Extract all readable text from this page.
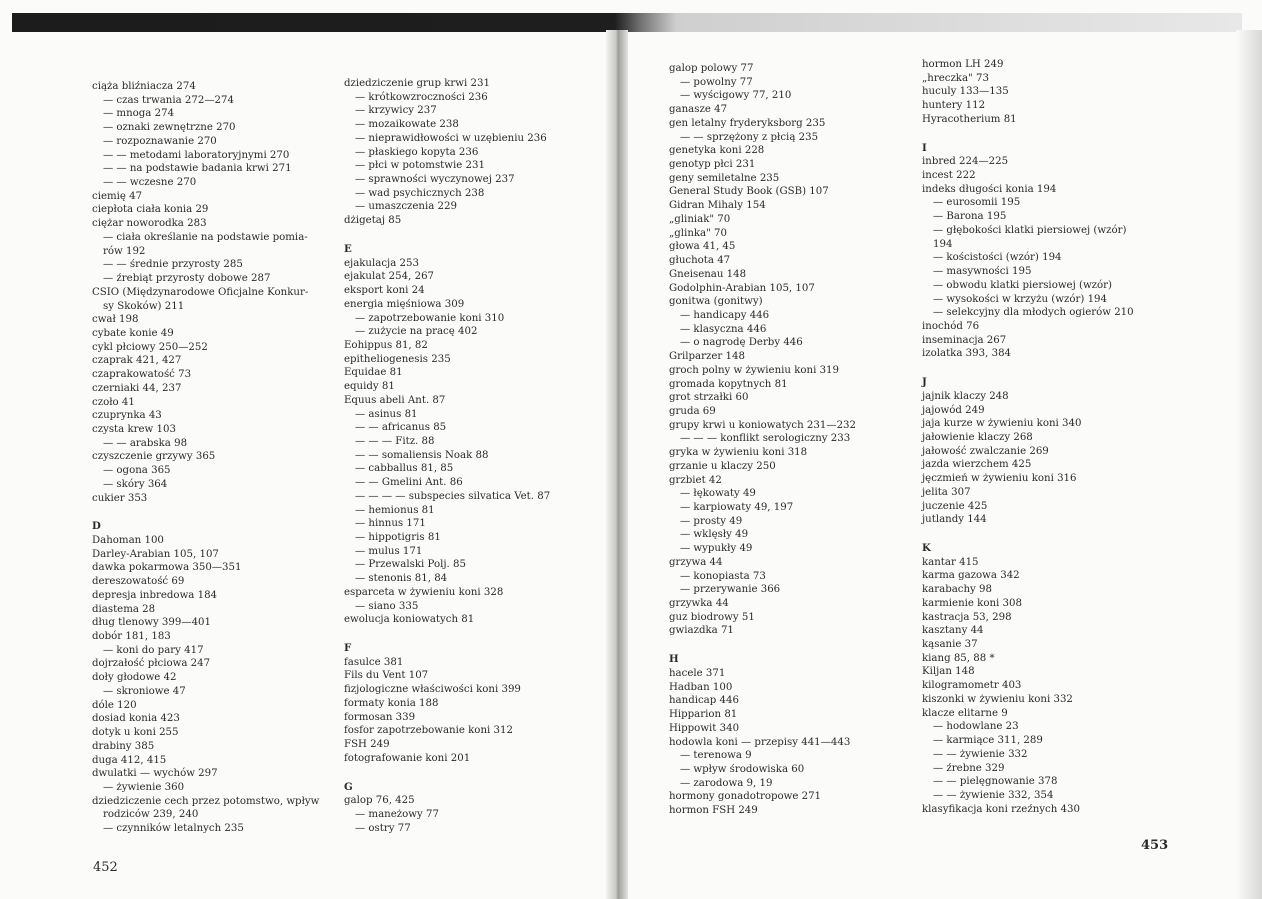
ciąża bliźniacza 274
— czas trwania 272—274
— mnoga 274
— oznaki zewnętrzne 270
— rozpoznawanie 270
— — metodami laboratoryjnymi 270
— — na podstawie badania krwi 271
— — wczesne 270
ciemię 47
ciepłota ciała konia 29
ciężar noworodka 283
— ciała określanie na podstawie pomia-
rów 192
— — średnie przyrosty 285
— źrebiąt przyrosty dobowe 287
CSIO (Międzynarodowe Oficjalne Konkur-
sy Skoków) 211
cwał 198
cybate konie 49
cykl płciowy 250—252
czaprak 421, 427
czaprakowatość 73
czerniaki 44, 237
czoło 41
czuprynka 43
czysta krew 103
— — arabska 98
czyszczenie grzywy 365
— ogona 365
— skóry 364
cukier 353
D
Dahoman 100
Darley-Arabian 105, 107
dawka pokarmowa 350—351
dereszowatość 69
depresja inbredowa 184
diastema 28
dług tlenowy 399—401
dobór 181, 183
— koni do pary 417
dojrzałość płciowa 247
doły głodowe 42
— skroniowe 47
dóle 120
dosiad konia 423
dotyk u koni 255
drabiny 385
duga 412, 415
dwulatki — wychów 297
— żywienie 360
dziedziczenie cech przez potomstwo, wpływ
rodziców 239, 240
— czynników letalnych 235
dziedziczenie grup krwi 231
— krótkowzroczności 236
— krzywicy 237
— mozaikowate 238
— nieprawidłowości w uzębieniu 236
— płaskiego kopyta 236
— płci w potomstwie 231
— sprawności wyczynowej 237
— wad psychicznych 238
— umaszczenia 229
dżigetaj 85
E
ejakulacja 253
ejakulat 254, 267
eksport koni 24
energia mięśniowa 309
— zapotrzebowanie koni 310
— zużycie na pracę 402
Eohippus 81, 82
epitheliogenesis 235
Equidae 81
equidy 81
Equus abeli Ant. 87
— asinus 81
— — africanus 85
— — — Fitz. 88
— — somaliensis Noak 88
— cabballus 81, 85
— — Gmelini Ant. 86
— — — — subspecies silvatica Vet. 87
— hemionus 81
— hinnus 171
— hippotigris 81
— mulus 171
— Przewalski Polj. 85
— stenonis 81, 84
esparceta w żywieniu koni 328
— siano 335
ewolucja koniowatych 81
F
fasulce 381
Fils du Vent 107
fizjologiczne właściwości koni 399
formaty konia 188
formosan 339
fosfor zapotrzebowanie koni 312
FSH 249
fotografowanie koni 201
G
galop 76, 425
— maneżowy 77
— ostry 77
galop polowy 77
— powolny 77
— wyścigowy 77, 210
ganasze 47
gen letalny fryderyksborg 235
— — sprzężony z płcią 235
genetyka koni 228
genotyp płci 231
geny semiletalne 235
General Study Book (GSB) 107
Gidran Mihaly 154
„gliniak" 70
„glinka" 70
głowa 41, 45
głuchota 47
Gneisenau 148
Godolphin-Arabian 105, 107
gonitwa (gonitwy)
— handicapy 446
— klasyczna 446
— o nagrodę Derby 446
Grilparzer 148
groch polny w żywieniu koni 319
gromada kopytnych 81
grot strzałki 60
gruda 69
grupy krwi u koniowatych 231—232
— — — konflikt serologiczny 233
gryka w żywieniu koni 318
grzanie u klaczy 250
grzbiet 42
— łękowaty 49
— karpiowaty 49, 197
— prosty 49
— wklęsły 49
— wypukły 49
grzywa 44
— konopiasta 73
— przerywanie 366
grzywka 44
guz biodrowy 51
gwiazdka 71
H
hacele 371
Hadban 100
handicap 446
Hipparion 81
Hippowit 340
hodowla koni — przepisy 441—443
— terenowa 9
— wpływ środowiska 60
— zarodowa 9, 19
hormony gonadotropowe 271
hormon FSH 249
hormon LH 249
„hreczka" 73
huculy 133—135
huntery 112
Hyracotherium 81
I
inbred 224—225
incest 222
indeks długości konia 194
— eurosomii 195
— Barona 195
— głębokości klatki piersiowej (wzór)
194
— kościstości (wzór) 194
— masywności 195
— obwodu klatki piersiowej (wzór)
— wysokości w krzyżu (wzór) 194
— selekcyjny dla młodych ogierów 210
inochód 76
inseminacja 267
izolatka 393, 384
J
jajnik klaczy 248
jajowód 249
jaja kurze w żywieniu koni 340
jałowienie klaczy 268
jałowość zwalczanie 269
jazda wierzchem 425
jęczmień w żywieniu koni 316
jelita 307
juczenie 425
jutlandy 144
K
kantar 415
karma gazowa 342
karabachy 98
karmienie koni 308
kastracja 53, 298
kasztany 44
kąsanie 37
kiang 85, 88 *
Kiljan 148
kilogramometr 403
kiszonki w żywieniu koni 332
klacze elitarne 9
— hodowlane 23
— karmiące 311, 289
— — żywienie 332
— źrebne 329
— — pielęgnowanie 378
— — żywienie 332, 354
klasyfikacja koni rzeźnych 430
452
453
